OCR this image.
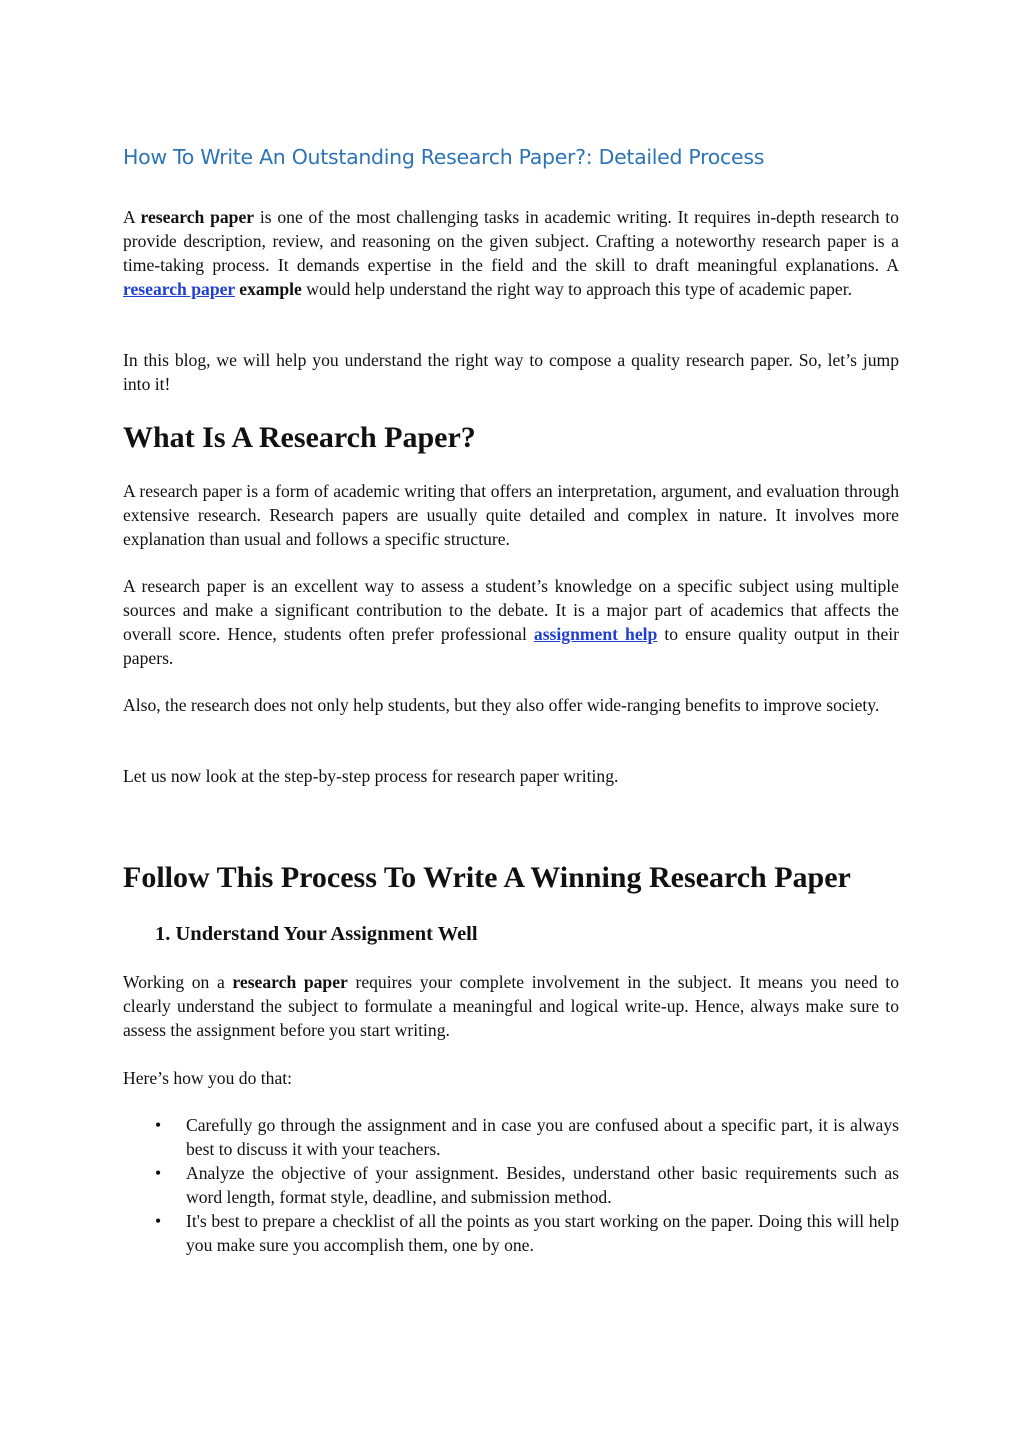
How To Write An Outstanding Research Paper?: Detailed Process

A research paper is one of the most challenging tasks in academic writing. It requires in-depth research to provide description, review, and reasoning on the given subject. Crafting a noteworthy research paper is a time-taking process. It demands expertise in the field and the skill to draft meaningful explanations. A research paper example would help understand the right way to approach this type of academic paper.

In this blog, we will help you understand the right way to compose a quality research paper. So, let’s jump into it!

What Is A Research Paper?

A research paper is a form of academic writing that offers an interpretation, argument, and evaluation through extensive research. Research papers are usually quite detailed and complex in nature. It involves more explanation than usual and follows a specific structure.

A research paper is an excellent way to assess a student’s knowledge on a specific subject using multiple sources and make a significant contribution to the debate. It is a major part of academics that affects the overall score. Hence, students often prefer professional assignment help to ensure quality output in their papers.

Also, the research does not only help students, but they also offer wide-ranging benefits to improve society.

Let us now look at the step-by-step process for research paper writing.

Follow This Process To Write A Winning Research Paper
1. Understand Your Assignment Well

Working on a research paper requires your complete involvement in the subject. It means you need to clearly understand the subject to formulate a meaningful and logical write-up. Hence, always make sure to assess the assignment before you start writing.

Here’s how you do that:

• Carefully go through the assignment and in case you are confused about a specific part, it is always best to discuss it with your teachers.
• Analyze the objective of your assignment. Besides, understand other basic requirements such as word length, format style, deadline, and submission method.
• It's best to prepare a checklist of all the points as you start working on the paper. Doing this will help you make sure you accomplish them, one by one.
